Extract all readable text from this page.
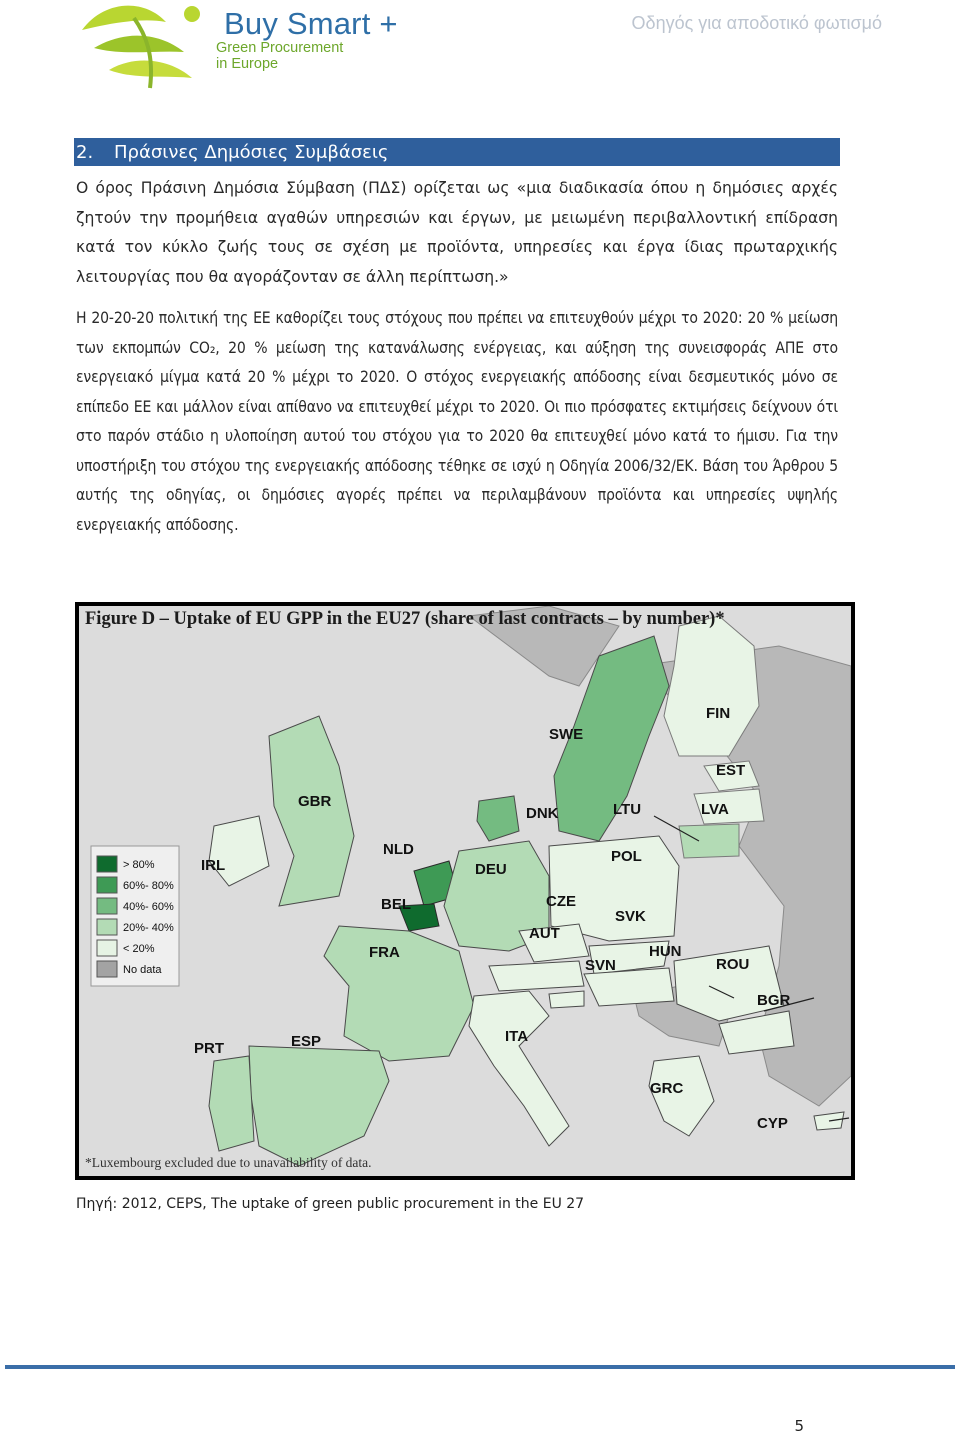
Buy Smart +
Green Procurement
in Europe
Οδηγός για αποδοτικό φωτισμό
2. Πράσινες Δημόσιες Συμβάσεις
Ο όρος Πράσινη Δημόσια Σύμβαση (ΠΔΣ) ορίζεται ως «μια διαδικασία όπου η δημόσιες αρχές ζητούν την προμήθεια αγαθών υπηρεσιών και έργων, με μειωμένη περιβαλλοντική επίδραση κατά τον κύκλο ζωής τους σε σχέση με προϊόντα, υπηρεσίες και έργα ίδιας πρωταρχικής λειτουργίας που θα αγοράζονταν σε άλλη περίπτωση.»
Η 20-20-20 πολιτική της ΕΕ καθορίζει τους στόχους που πρέπει να επιτευχθούν μέχρι το 2020: 20 % μείωση των εκπομπών CO₂, 20 % μείωση της κατανάλωσης ενέργειας, και αύξηση της συνεισφοράς ΑΠΕ στο ενεργειακό μίγμα κατά 20 % μέχρι το 2020. Ο στόχος ενεργειακής απόδοσης είναι δεσμευτικός μόνο σε επίπεδο ΕΕ και μάλλον είναι απίθανο να επιτευχθεί μέχρι το 2020. Οι πιο πρόσφατες εκτιμήσεις δείχνουν ότι στο παρόν στάδιο η υλοποίηση αυτού του στόχου για το 2020 θα επιτευχθεί μόνο κατά το ήμισυ. Για την υποστήριξη του στόχου της ενεργειακής απόδοσης τέθηκε σε ισχύ η Οδηγία 2006/32/ΕΚ. Βάση του Άρθρου 5 αυτής της οδηγίας, οι δημόσιες αγορές πρέπει να περιλαμβάνουν προϊόντα και υπηρεσίες υψηλής ενεργειακής απόδοσης.
> 80%
60%- 80%
40%- 60%
20%- 40%
< 20%
No data
FIN
SWE
EST
LVA
LTU
DNK
GBR
IRL
NLD
BEL
DEU
POL
CZE
SVK
AUT
HUN
FRA
SVN	ROU
BGR
PRT	ESP	ITA
GRC
CYP
Figure D – Uptake of EU GPP in the EU27 (share of last contracts – by number)*
*Luxembourg excluded due to unavailability of data.
Πηγή: 2012, CEPS, The uptake of green public procurement in the EU 27
5
